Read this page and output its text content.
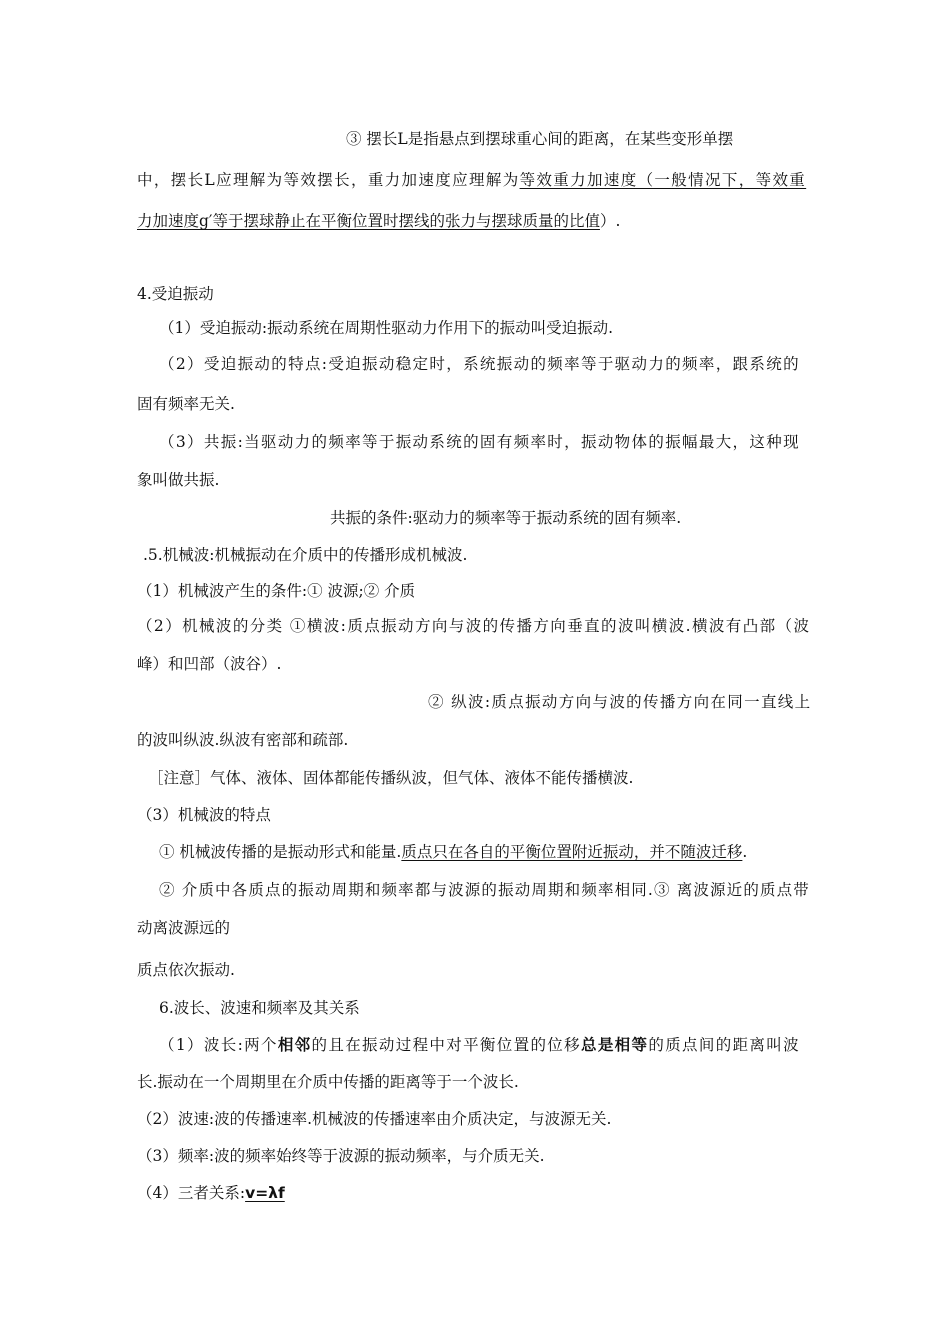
③ 摆长L是指悬点到摆球重心间的距离，在某些变形单摆
中，摆长L应理解为等效摆长，重力加速度应理解为等效重力加速度（一般情况下，等效重
力加速度g′等于摆球静止在平衡位置时摆线的张力与摆球质量的比值）.
4.受迫振动
（1）受迫振动:振动系统在周期性驱动力作用下的振动叫受迫振动.
（2）受迫振动的特点:受迫振动稳定时，系统振动的频率等于驱动力的频率，跟系统的
固有频率无关.
（3）共振:当驱动力的频率等于振动系统的固有频率时，振动物体的振幅最大，这种现
象叫做共振.
共振的条件:驱动力的频率等于振动系统的固有频率.
.5.机械波:机械振动在介质中的传播形成机械波.
（1）机械波产生的条件:① 波源;② 介质
（2）机械波的分类 ①横波:质点振动方向与波的传播方向垂直的波叫横波.横波有凸部（波
峰）和凹部（波谷）.
② 纵波:质点振动方向与波的传播方向在同一直线上
的波叫纵波.纵波有密部和疏部.
［注意］气体、液体、固体都能传播纵波，但气体、液体不能传播横波.
（3）机械波的特点
① 机械波传播的是振动形式和能量.质点只在各自的平衡位置附近振动，并不随波迁移.
② 介质中各质点的振动周期和频率都与波源的振动周期和频率相同.③ 离波源近的质点带
动离波源远的
质点依次振动.
6.波长、波速和频率及其关系
（1）波长:两个相邻的且在振动过程中对平衡位置的位移总是相等的质点间的距离叫波
长.振动在一个周期里在介质中传播的距离等于一个波长.
（2）波速:波的传播速率.机械波的传播速率由介质决定，与波源无关.
（3）频率:波的频率始终等于波源的振动频率，与介质无关.
（4）三者关系:v=λf
